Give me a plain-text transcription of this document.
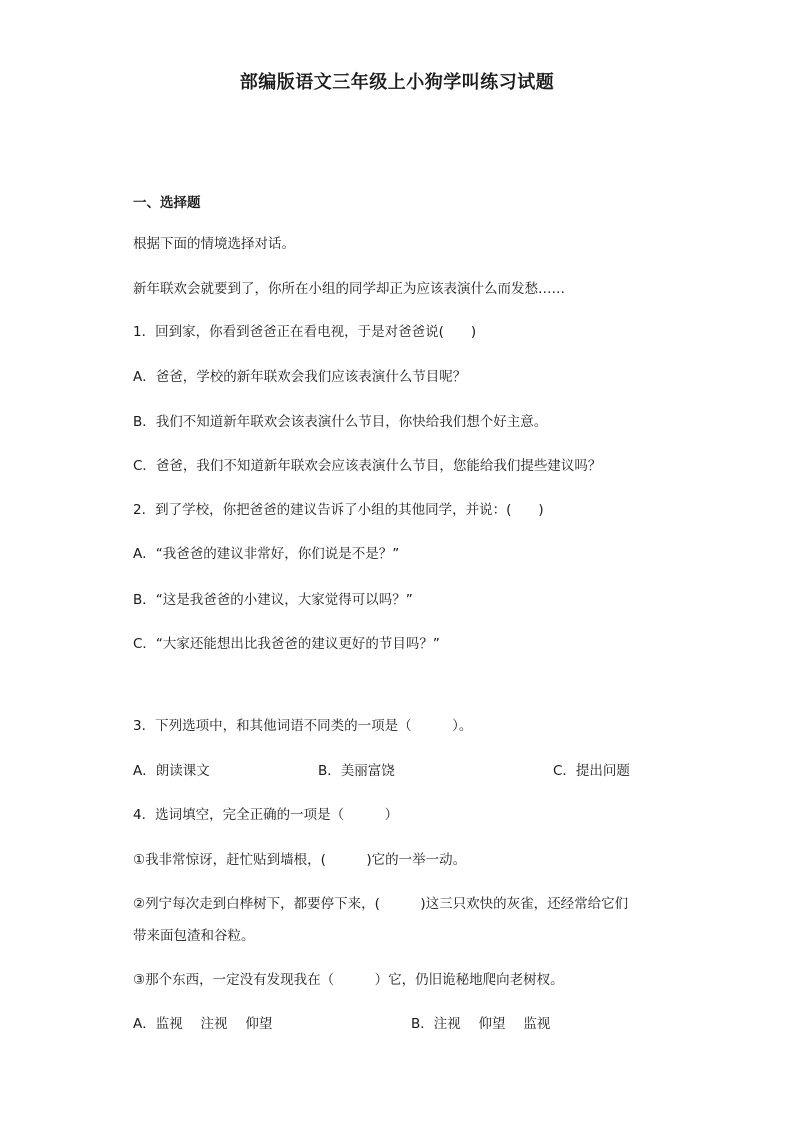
部编版语文三年级上小狗学叫练习试题
一、选择题
根据下面的情境选择对话。
新年联欢会就要到了，你所在小组的同学却正为应该表演什么而发愁……
1．回到家，你看到爸爸正在看电视，于是对爸爸说(　　)
A．爸爸，学校的新年联欢会我们应该表演什么节目呢？
B．我们不知道新年联欢会该表演什么节目，你快给我们想个好主意。
C．爸爸，我们不知道新年联欢会应该表演什么节目，您能给我们提些建议吗？
2．到了学校，你把爸爸的建议告诉了小组的其他同学，并说：(　　)
A．“我爸爸的建议非常好，你们说是不是？”
B．“这是我爸爸的小建议，大家觉得可以吗？”
C．“大家还能想出比我爸爸的建议更好的节目吗？”
3．下列选项中，和其他词语不同类的一项是（　　　）。
A．朗读课文	B．美丽富饶	C．提出问题
4．选词填空，完全正确的一项是（　　　）
①我非常惊讶，赶忙贴到墙根，(　　　)它的一举一动。
②列宁每次走到白桦树下，都要停下来，(　　　)这三只欢快的灰雀，还经常给它们
带来面包渣和谷粒。
③那个东西，一定没有发现我在（　　　）它，仍旧诡秘地爬向老树杈。
A．监视　 注视　 仰望	B．注视　 仰望　 监视
